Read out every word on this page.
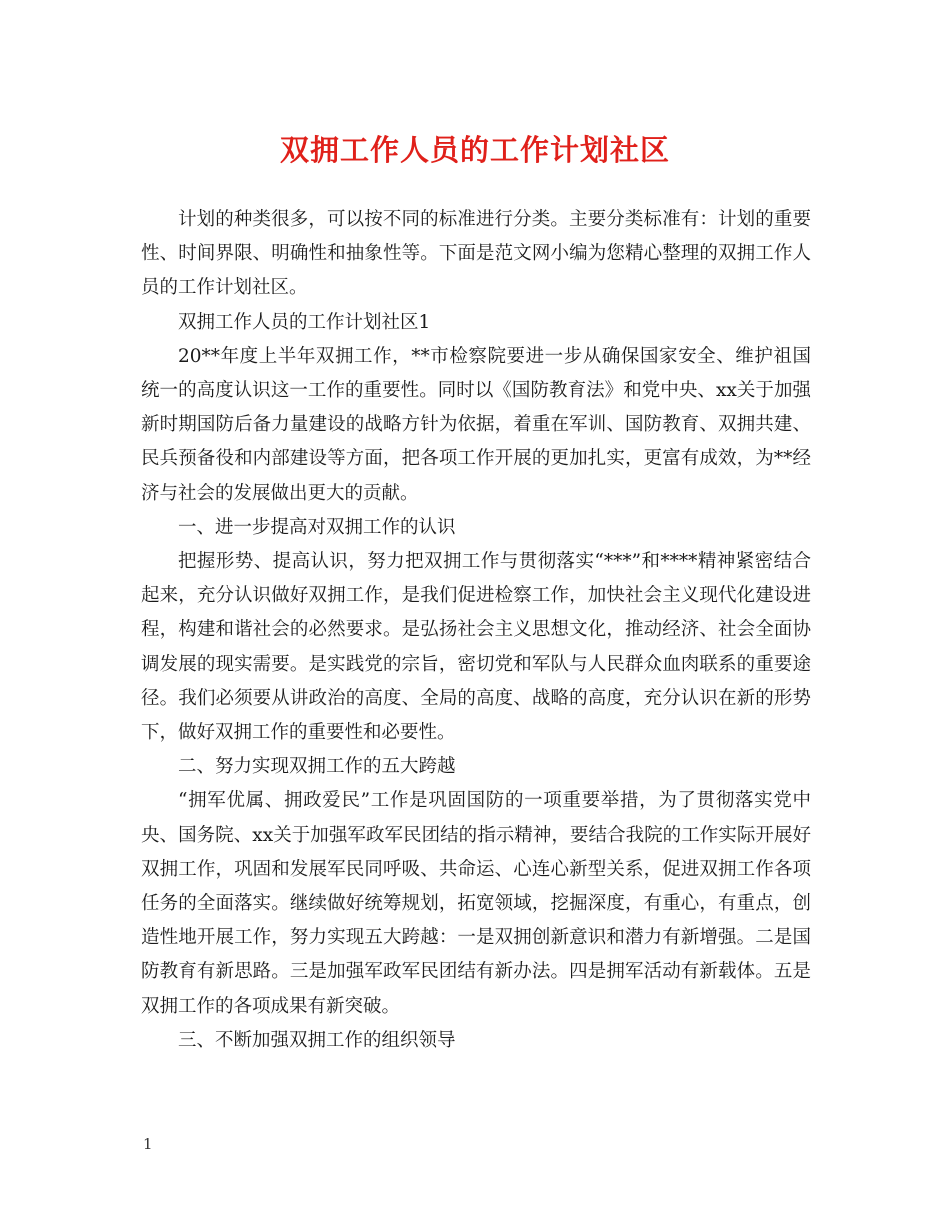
双拥工作人员的工作计划社区

计划的种类很多，可以按不同的标准进行分类。主要分类标准有：计划的重要性、时间界限、明确性和抽象性等。下面是范文网小编为您精心整理的双拥工作人员的工作计划社区。

双拥工作人员的工作计划社区1

20**年度上半年双拥工作，**市检察院要进一步从确保国家安全、维护祖国统一的高度认识这一工作的重要性。同时以《国防教育法》和党中央、xx关于加强新时期国防后备力量建设的战略方针为依据，着重在军训、国防教育、双拥共建、民兵预备役和内部建设等方面，把各项工作开展的更加扎实，更富有成效，为**经济与社会的发展做出更大的贡献。

一、进一步提高对双拥工作的认识

把握形势、提高认识，努力把双拥工作与贯彻落实“***”和****精神紧密结合起来，充分认识做好双拥工作，是我们促进检察工作，加快社会主义现代化建设进程，构建和谐社会的必然要求。是弘扬社会主义思想文化，推动经济、社会全面协调发展的现实需要。是实践党的宗旨，密切党和军队与人民群众血肉联系的重要途径。我们必须要从讲政治的高度、全局的高度、战略的高度，充分认识在新的形势下，做好双拥工作的重要性和必要性。

二、努力实现双拥工作的五大跨越

“拥军优属、拥政爱民”工作是巩固国防的一项重要举措，为了贯彻落实党中央、国务院、xx关于加强军政军民团结的指示精神，要结合我院的工作实际开展好双拥工作，巩固和发展军民同呼吸、共命运、心连心新型关系，促进双拥工作各项任务的全面落实。继续做好统筹规划，拓宽领域，挖掘深度，有重心，有重点，创造性地开展工作，努力实现五大跨越：一是双拥创新意识和潜力有新增强。二是国防教育有新思路。三是加强军政军民团结有新办法。四是拥军活动有新载体。五是双拥工作的各项成果有新突破。

三、不断加强双拥工作的组织领导

1
